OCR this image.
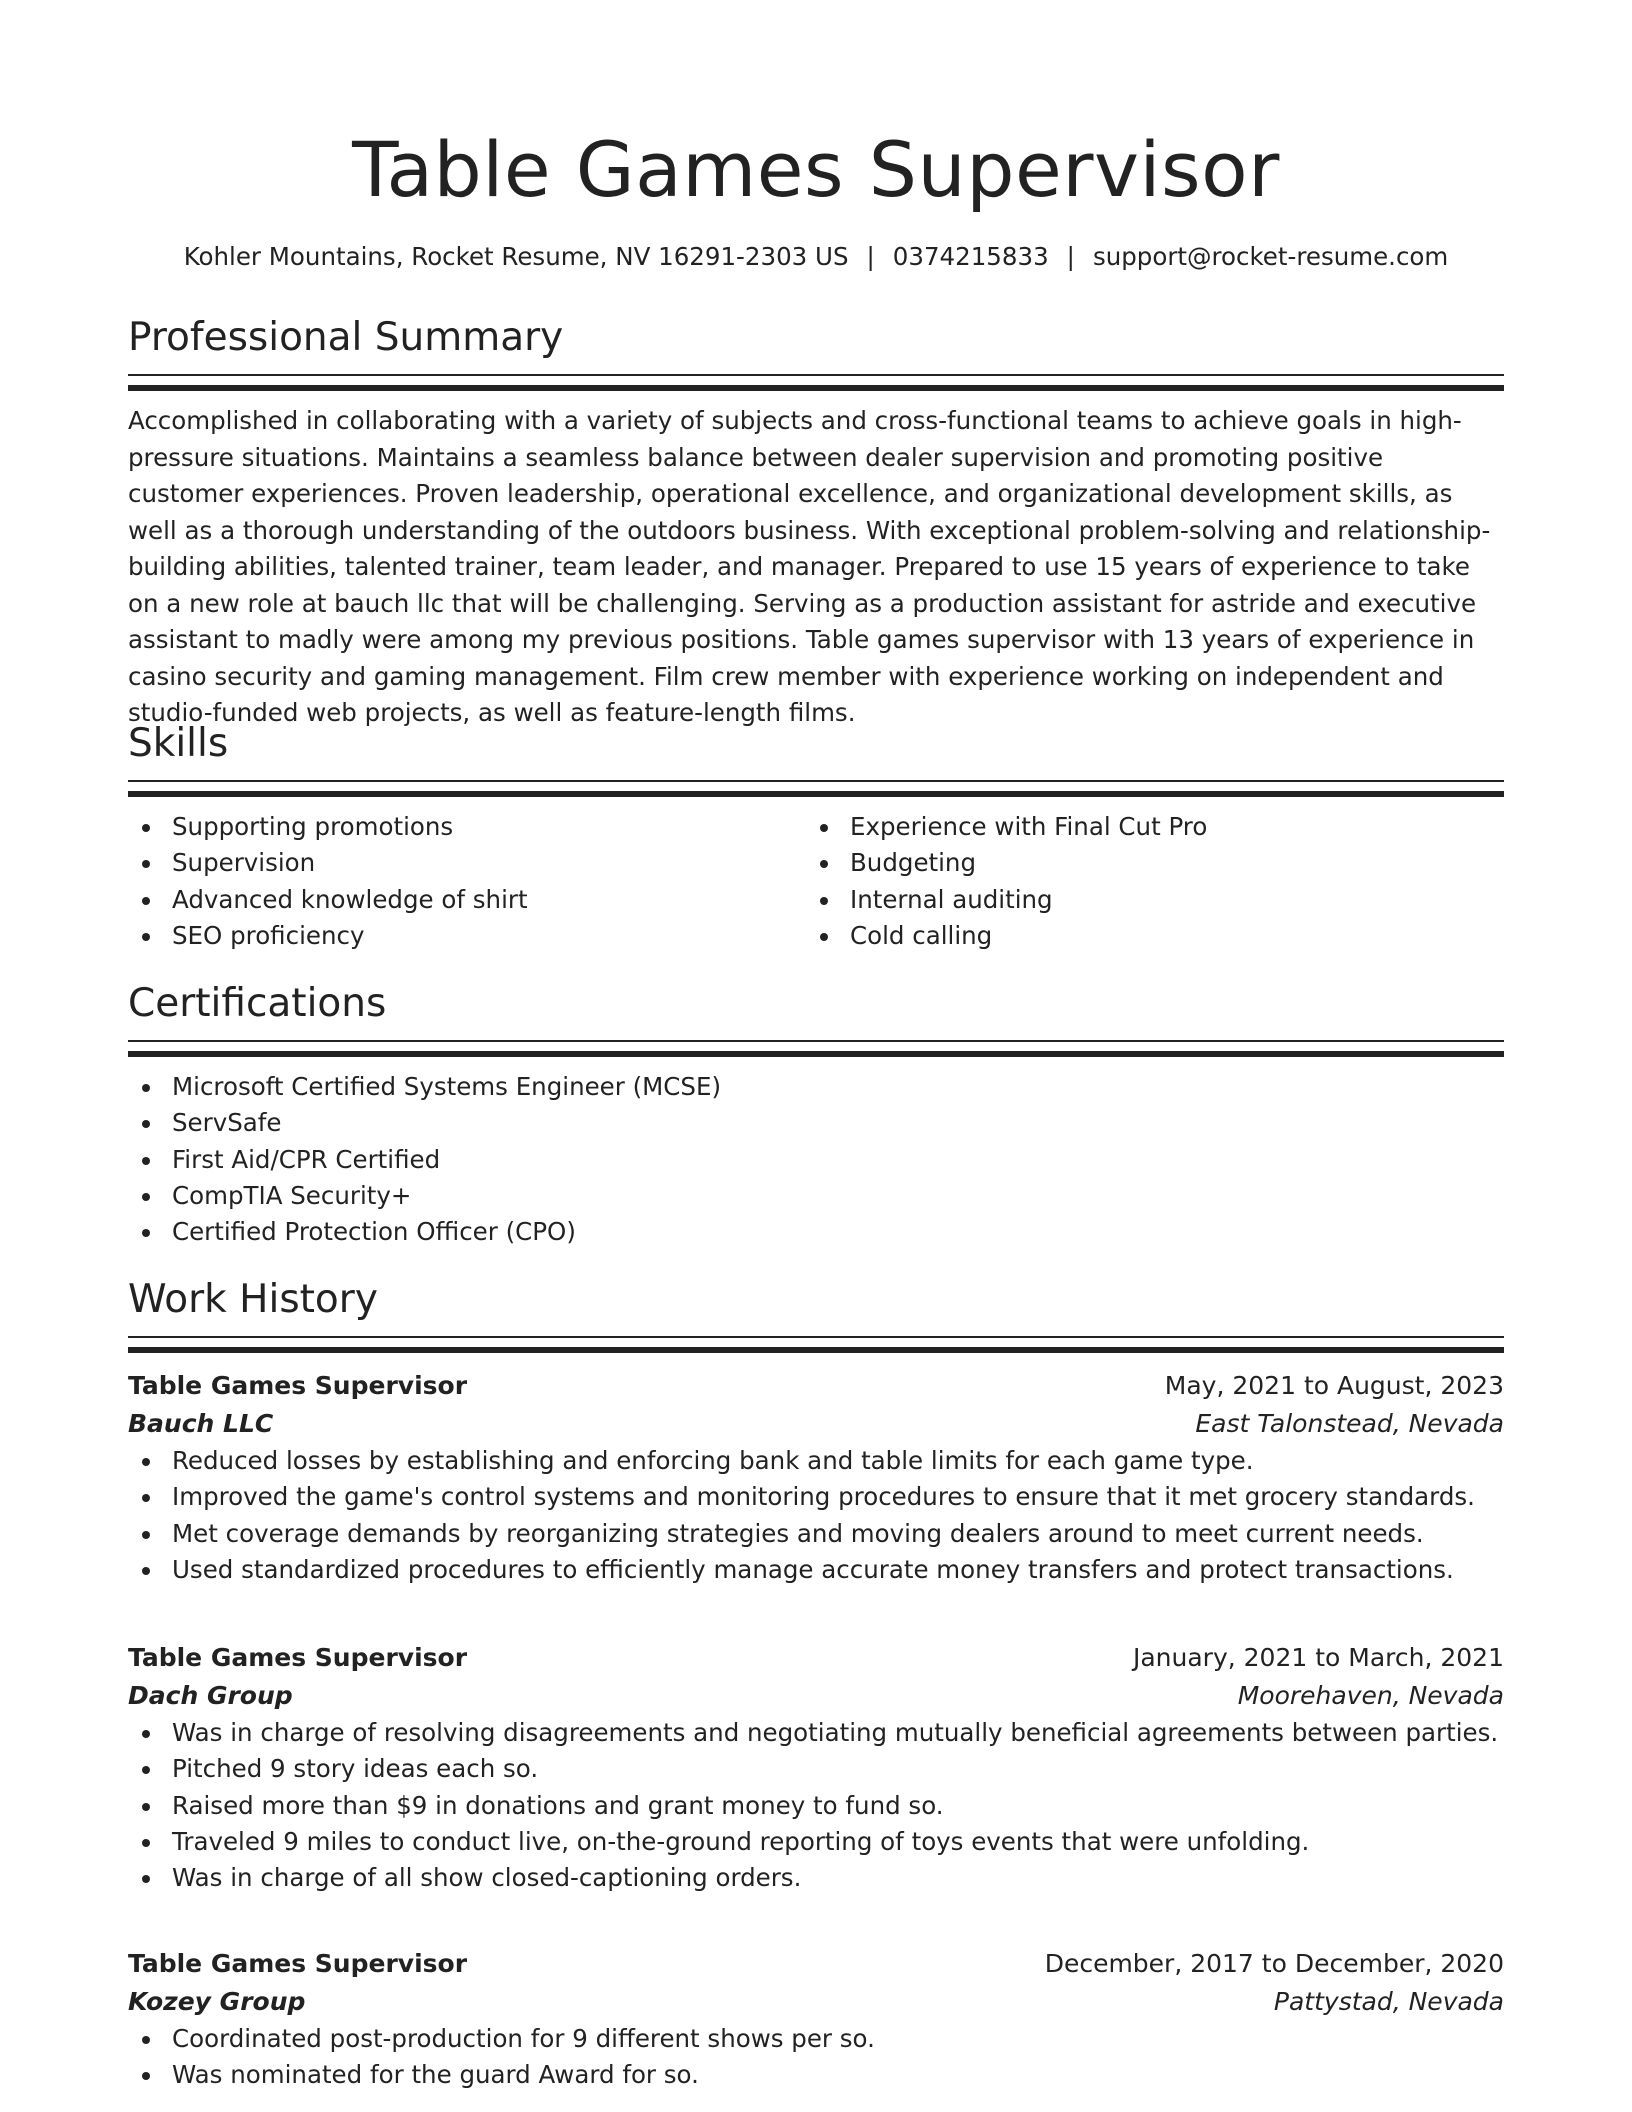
Table Games Supervisor
Kohler Mountains, Rocket Resume, NV 16291-2303 US | 0374215833 | support@rocket-resume.com
Professional Summary
Accomplished in collaborating with a variety of subjects and cross-functional teams to achieve goals in high-pressure situations. Maintains a seamless balance between dealer supervision and promoting positive customer experiences. Proven leadership, operational excellence, and organizational development skills, as well as a thorough understanding of the outdoors business. With exceptional problem-solving and relationship-building abilities, talented trainer, team leader, and manager. Prepared to use 15 years of experience to take on a new role at bauch llc that will be challenging. Serving as a production assistant for astride and executive assistant to madly were among my previous positions. Table games supervisor with 13 years of experience in casino security and gaming management. Film crew member with experience working on independent and studio-funded web projects, as well as feature-length films.
Skills
Supporting promotions
Supervision
Advanced knowledge of shirt
SEO proficiency
Experience with Final Cut Pro
Budgeting
Internal auditing
Cold calling
Certifications
Microsoft Certified Systems Engineer (MCSE)
ServSafe
First Aid/CPR Certified
CompTIA Security+
Certified Protection Officer (CPO)
Work History
Table Games Supervisor	May, 2021 to August, 2023
Bauch LLC	East Talonstead, Nevada
Reduced losses by establishing and enforcing bank and table limits for each game type.
Improved the game's control systems and monitoring procedures to ensure that it met grocery standards.
Met coverage demands by reorganizing strategies and moving dealers around to meet current needs.
Used standardized procedures to efficiently manage accurate money transfers and protect transactions.
Table Games Supervisor	January, 2021 to March, 2021
Dach Group	Moorehaven, Nevada
Was in charge of resolving disagreements and negotiating mutually beneficial agreements between parties.
Pitched 9 story ideas each so.
Raised more than $9 in donations and grant money to fund so.
Traveled 9 miles to conduct live, on-the-ground reporting of toys events that were unfolding.
Was in charge of all show closed-captioning orders.
Table Games Supervisor	December, 2017 to December, 2020
Kozey Group	Pattystad, Nevada
Coordinated post-production for 9 different shows per so.
Was nominated for the guard Award for so.
